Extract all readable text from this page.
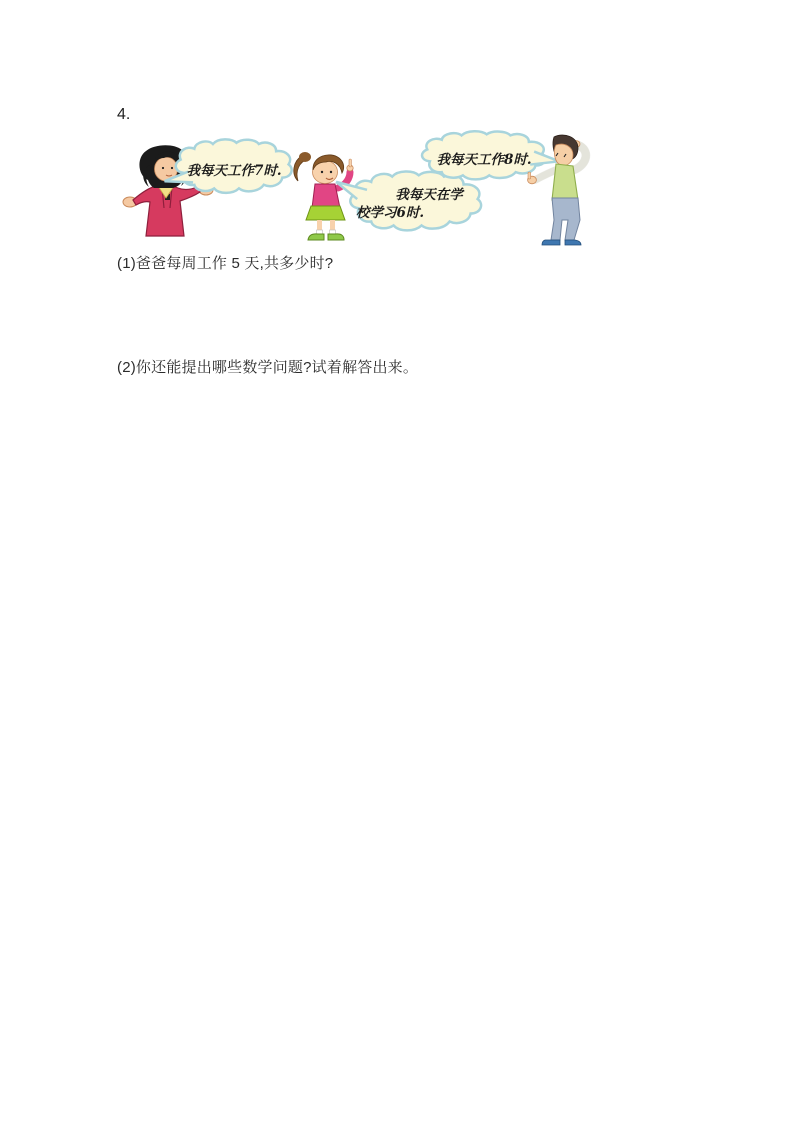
4.
我每天工作7时.
我每天在学
校学习6时.
我每天工作8时.

(1)爸爸每周工作 5 天,共多少时?

(2)你还能提出哪些数学问题?试着解答出来。
